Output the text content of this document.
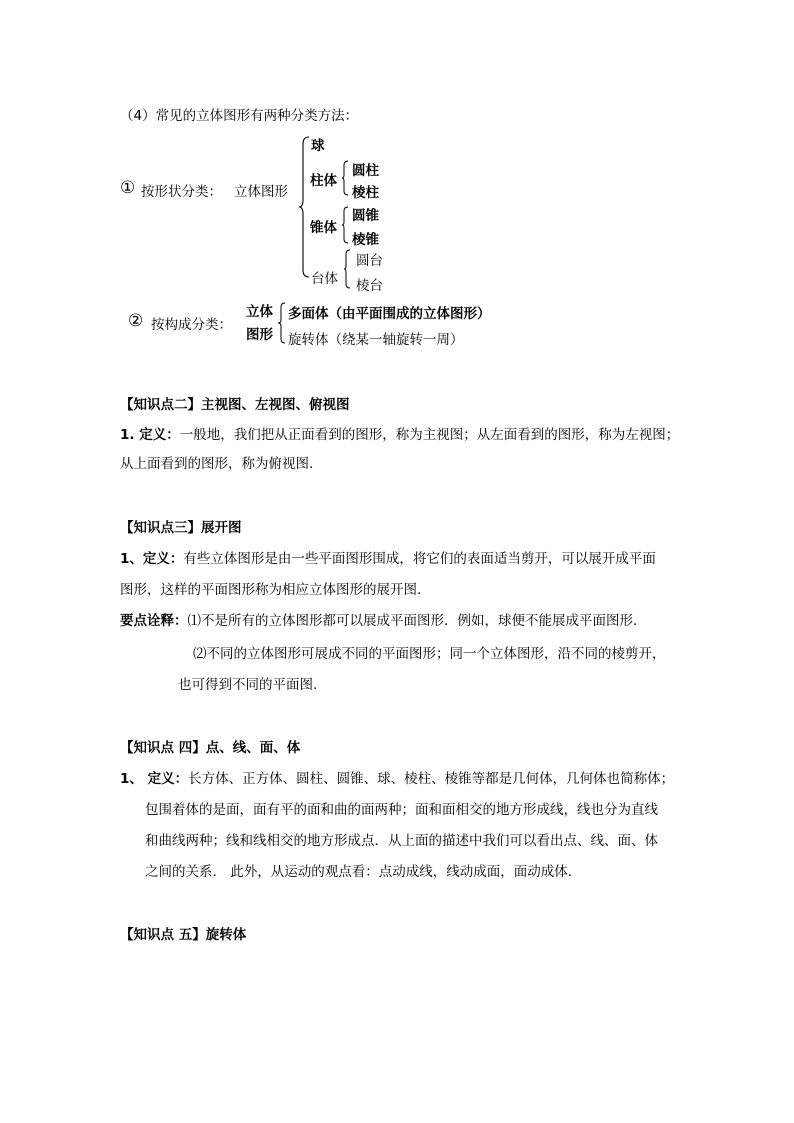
（4）常见的立体图形有两种分类方法：
① 按形状分类： 立体图形
球
柱体
圆柱
棱柱
锥体
圆锥
棱锥
台体
圆台
棱台
② 按构成分类：
立体
图形
多面体（由平面围成的立体图形）
旋转体（绕某一轴旋转一周）
【知识点二】主视图、左视图、俯视图
1. 定义：一般地，我们把从正面看到的图形，称为主视图；从左面看到的图形，称为左视图；
从上面看到的图形，称为俯视图.
【知识点三】展开图
1、定义：有些立体图形是由一些平面图形围成，将它们的表面适当剪开，可以展开成平面
图形，这样的平面图形称为相应立体图形的展开图.
要点诠释：⑴不是所有的立体图形都可以展成平面图形．例如，球便不能展成平面图形．
⑵不同的立体图形可展成不同的平面图形；同一个立体图形，沿不同的棱剪开，
也可得到不同的平面图.
【知识点 四】点、线、面、体
1、 定义：长方体、正方体、圆柱、圆锥、球、棱柱、棱锥等都是几何体，几何体也简称体；
包围着体的是面，面有平的面和曲的面两种；面和面相交的地方形成线，线也分为直线
和曲线两种；线和线相交的地方形成点．从上面的描述中我们可以看出点、线、面、体
之间的关系． 此外，从运动的观点看：点动成线，线动成面，面动成体．
【知识点 五】旋转体
